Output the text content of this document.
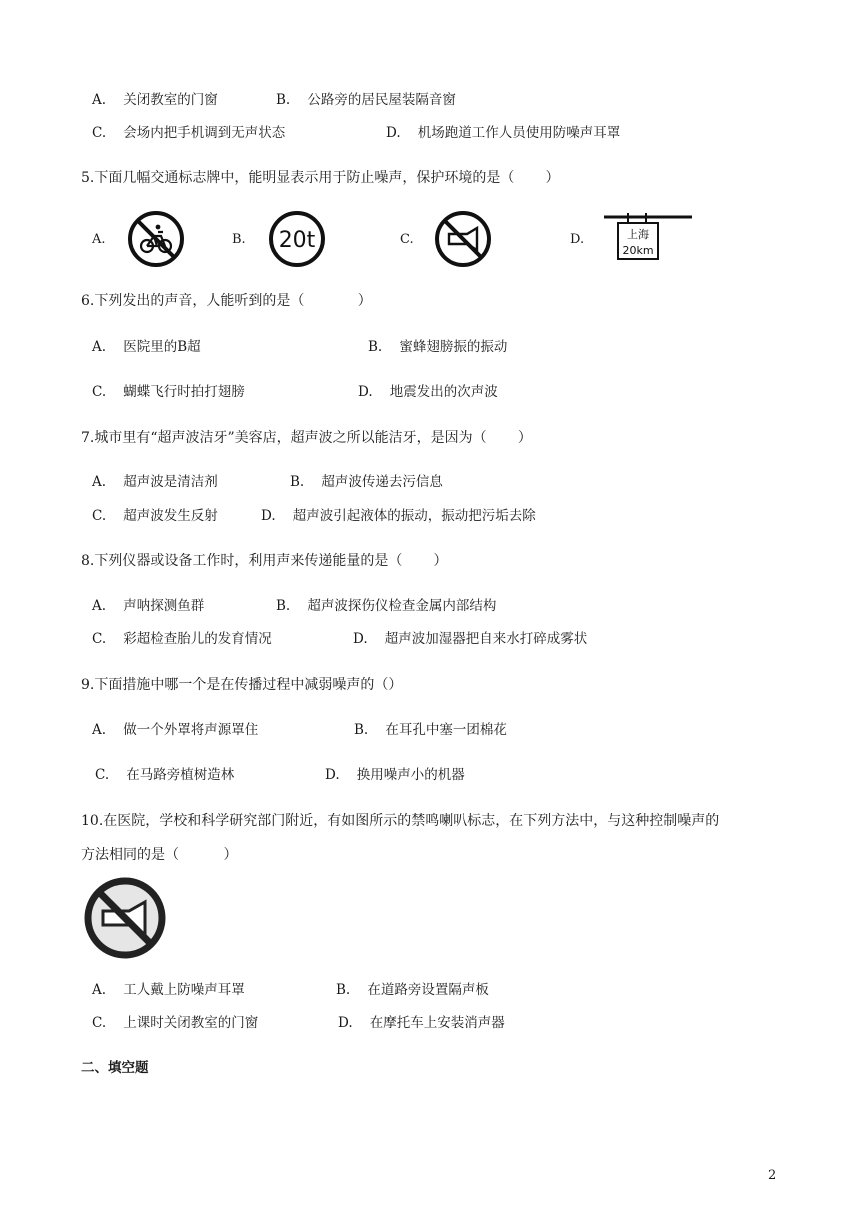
A.    关闭教室的门窗	B.    公路旁的居民屋装隔音窗
C.    会场内把手机调到无声状态	D.    机场跑道工作人员使用防噪声耳罩
5.下面几幅交通标志牌中，能明显表示用于防止噪声，保护环境的是（       ）
A.	B. 20t	C.	D.	上海
20km
6.下列发出的声音，人能听到的是（            ）
A.    医院里的B超	B.    蜜蜂翅膀振的振动
C.    蝴蝶飞行时拍打翅膀	D.    地震发出的次声波
7.城市里有“超声波洁牙”美容店，超声波之所以能洁牙，是因为（       ）
A.    超声波是清洁剂	B.    超声波传递去污信息
C.    超声波发生反射	D.    超声波引起液体的振动，振动把污垢去除
8.下列仪器或设备工作时，利用声来传递能量的是（       ）
A.    声呐探测鱼群	B.    超声波探伤仪检查金属内部结构
C.    彩超检查胎儿的发育情况	D.    超声波加湿器把自来水打碎成雾状
9.下面措施中哪一个是在传播过程中减弱噪声的（）
A.    做一个外罩将声源罩住	B.    在耳孔中塞一团棉花
C.    在马路旁植树造林	D.    换用噪声小的机器
10.在医院，学校和科学研究部门附近，有如图所示的禁鸣喇叭标志，在下列方法中，与这种控制噪声的
方法相同的是（          ）
A.    工人戴上防噪声耳罩	B.    在道路旁设置隔声板
C.    上课时关闭教室的门窗	D.    在摩托车上安装消声器
二、填空题
2
